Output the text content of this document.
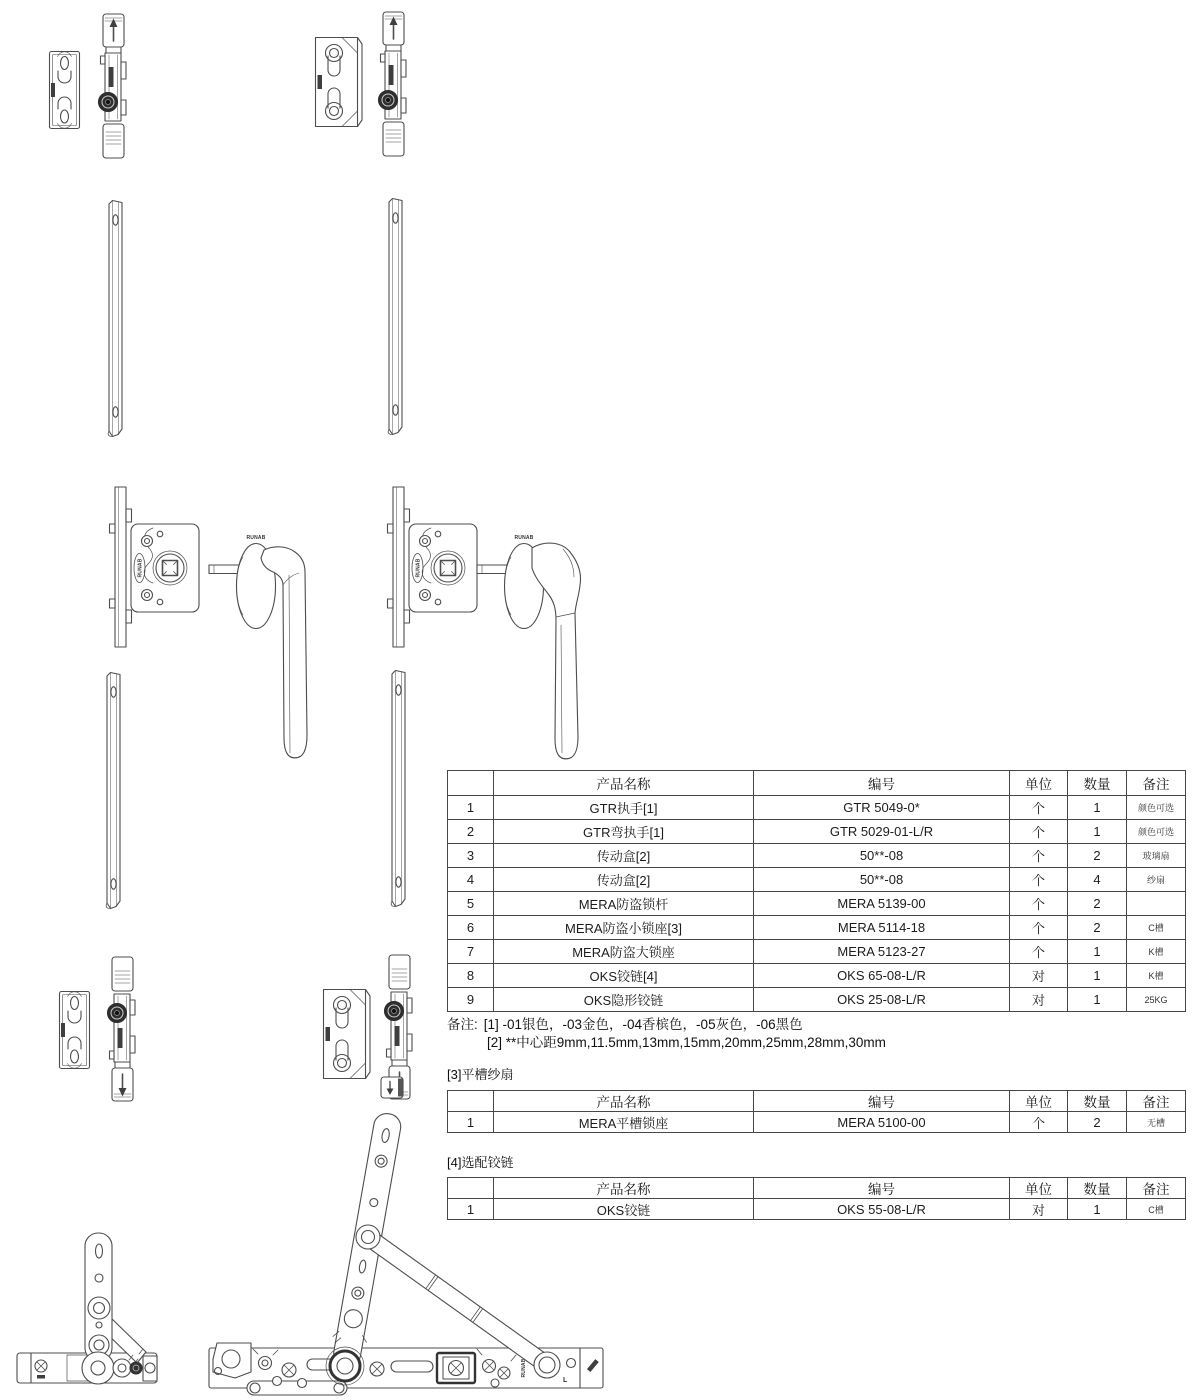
RUNAB
RUNAB	RUNAB
RUNAB
L
产品名称	编号	单位	数量	备注
1	GTR执手[1]	GTR 5049-0*	个	1	颜色可选
2	GTR弯执手[1]	GTR 5029-01-L/R	个	1	颜色可选
3	传动盒[2]	50**-08	个	2	玻璃扇
4	传动盒[2]	50**-08	个	4	纱扇
5	MERA防盗锁杆	MERA 5139-00	个	2
6	MERA防盗小锁座[3]	MERA 5114-18	个	2	C槽
7	MERA防盗大锁座	MERA 5123-27	个	1	K槽
8	OKS铰链[4]	OKS 65-08-L/R	对	1	K槽
9	OKS隐形铰链	OKS 25-08-L/R	对	1	25KG
备注: [1] -01银色，-03金色，-04香槟色，-05灰色，-06黑色
[2] **中心距9mm,11.5mm,13mm,15mm,20mm,25mm,28mm,30mm
[3]平槽纱扇
产品名称	编号	单位	数量	备注
1	MERA平槽锁座	MERA 5100-00	个	2	无槽
[4]选配铰链
产品名称	编号	单位	数量	备注
1	OKS铰链	OKS 55-08-L/R	对	1	C槽
